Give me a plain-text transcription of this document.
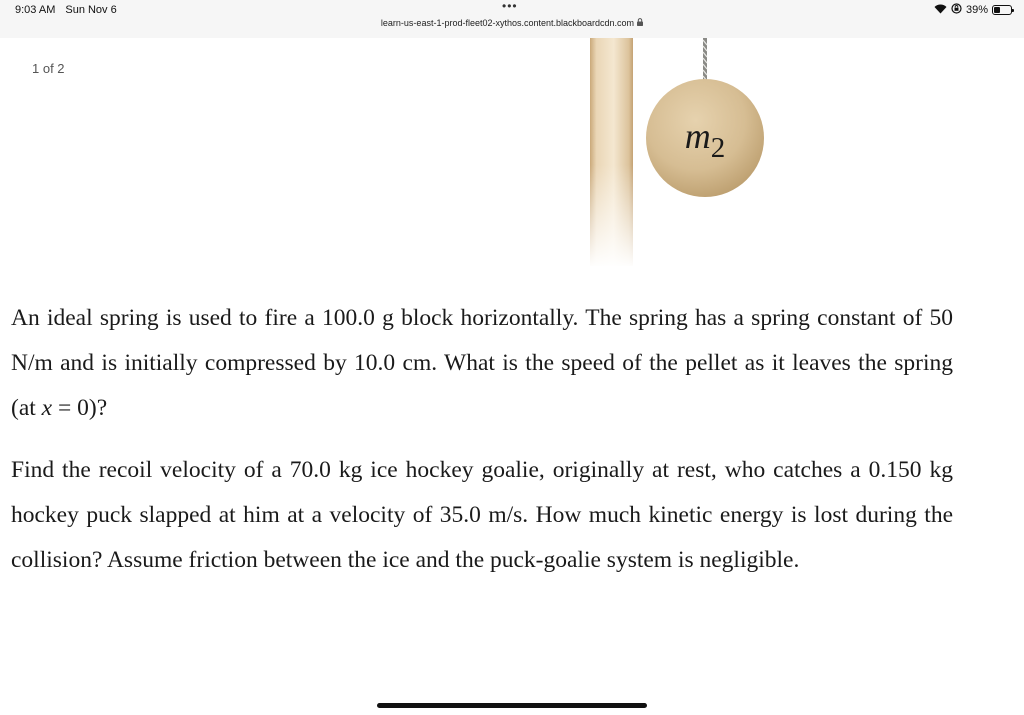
9:03 AM Sun Nov 6	•••
learn-us-east-1-prod-fleet02-xythos.content.blackboardcdn.com
39%
1 of 2
$m_2$

An ideal spring is used to fire a 100.0 g block horizontally. The spring has a spring constant of 50 N/m and is initially compressed by 10.0 cm. What is the speed of the pellet as it leaves the spring (at x = 0)?

Find the recoil velocity of a 70.0 kg ice hockey goalie, originally at rest, who catches a 0.150 kg hockey puck slapped at him at a velocity of 35.0 m/s. How much kinetic energy is lost during the collision? Assume friction between the ice and the puck-goalie system is negligible.
